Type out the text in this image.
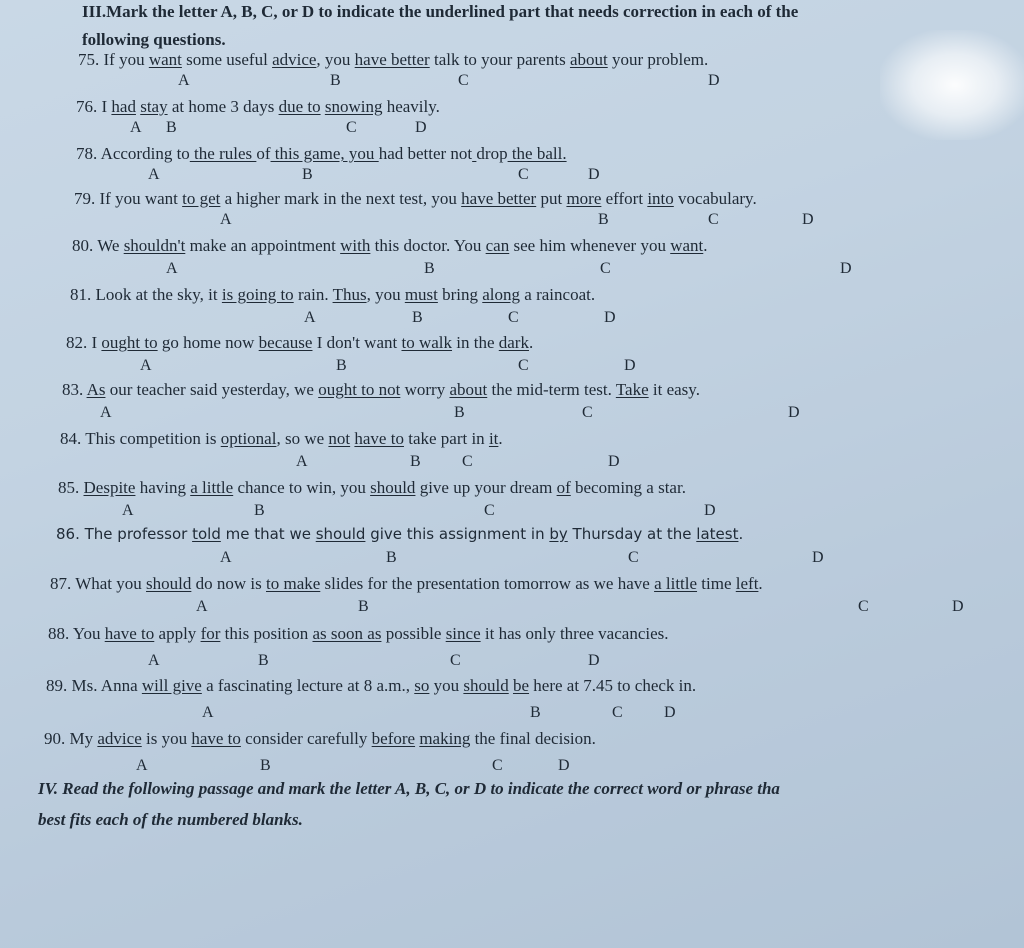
III.Mark the letter A, B, C, or D to indicate the underlined part that needs correction in each of the
following questions.
IV. Read the following passage and mark the letter A, B, C, or D to indicate the correct word or phrase tha
best fits each of the numbered blanks.
75. If you want some useful advice, you have better talk to your parents about your problem.
A	B	C	D
76. I had stay at home 3 days due to snowing heavily.
A B	C	D
78. According to the rules of this game, you had better not drop the ball.
A	B	C	D
79. If you want to get a higher mark in the next test, you have better put more effort into vocabulary.
A	B	C	D
80. We shouldn't make an appointment with this doctor. You can see him whenever you want.
A	B	C	D
81. Look at the sky, it is going to rain. Thus, you must bring along a raincoat.
A	B	C	D
82. I ought to go home now because I don't want to walk in the dark.
A	B	C	D
83. As our teacher said yesterday, we ought to not worry about the mid-term test. Take it easy.
A	B	C	D
84. This competition is optional, so we not have to take part in it.
A	B	C	D
85. Despite having a little chance to win, you should give up your dream of becoming a star.
A	B	C	D
86. The professor told me that we should give this assignment in by Thursday at the latest.
A	B	C	D
87. What you should do now is to make slides for the presentation tomorrow as we have a little time left.
A	B	C	D
88. You have to apply for this position as soon as possible since it has only three vacancies.
A	B	C	D
89. Ms. Anna will give a fascinating lecture at 8 a.m., so you should be here at 7.45 to check in.
A	B	C	D
90. My advice is you have to consider carefully before making the final decision.
A	B	C	D
